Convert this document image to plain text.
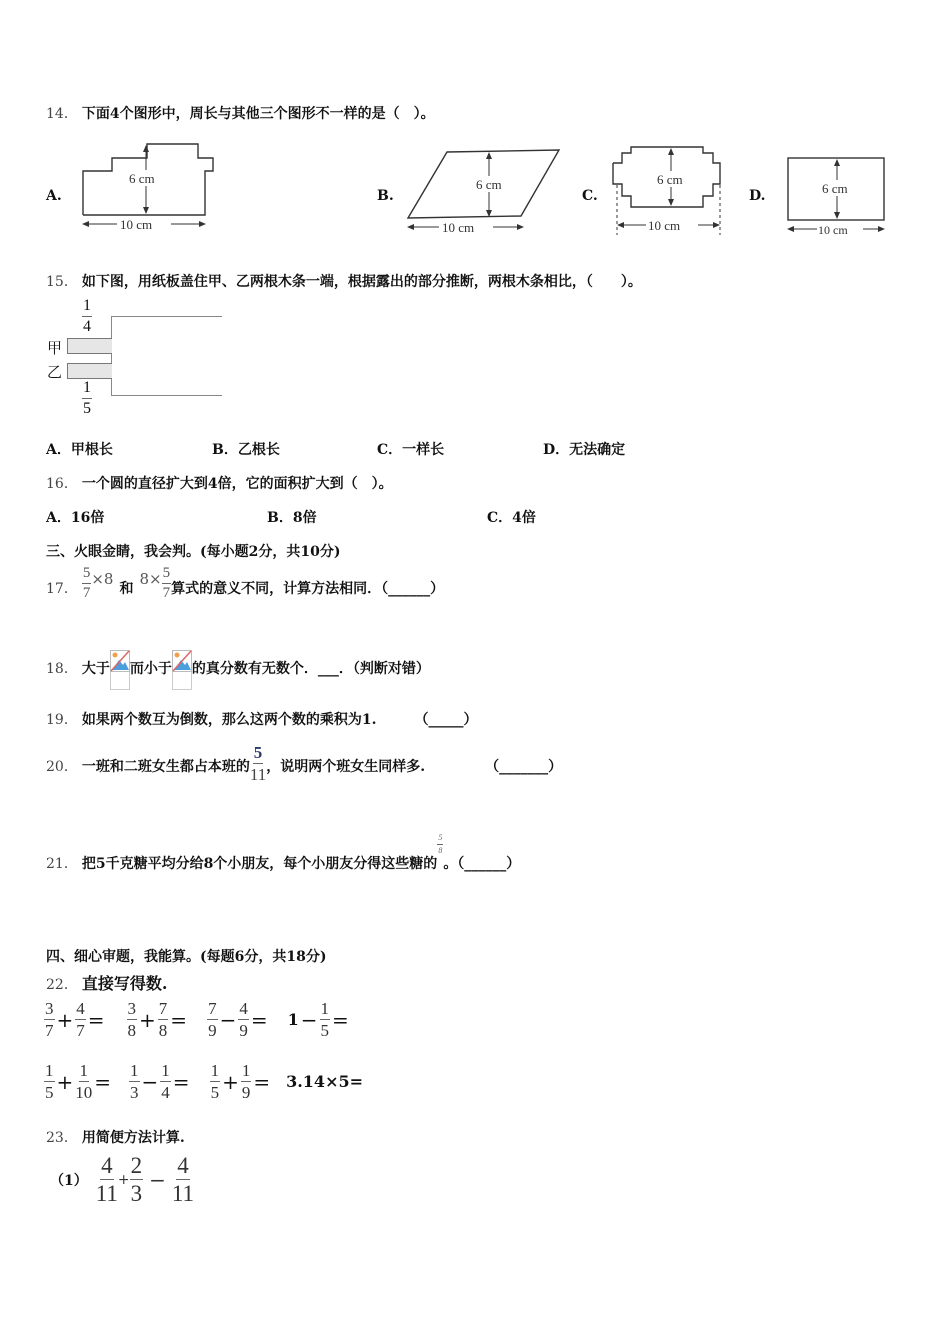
14． 下面4个图形中，周长与其他三个图形不一样的是（　）。
A.
6 cm
10 cm
B.
6 cm
10 cm
C.
6 cm
10 cm
D.	6 cm
10 cm
15． 如下图，用纸板盖住甲、乙两根木条一端，根据露出的部分推断，两根木条相比，（　　）。
$\frac{1}{4}$
甲
乙
$\frac{1}{5}$
A．甲根长	B．乙根长	C．一样长	D．无法确定
16． 一个圆的直径扩大到4倍，它的面积扩大到（　）。
A．16倍	B．8倍	C．4倍
三、火眼金睛，我会判。(每小题2分，共10分)
17． $\frac{5}{7} \times 8$
和
$8\times \frac{5}{7}$ 算式的意义不同，计算方法相同．（______）
18． 大于 而小于 的真分数有无数个．___．（判断对错）
19． 如果两个数互为倒数，那么这两个数的乘积为1.	（_____）
20． 一班和二班女生都占本班的 $\frac{5}{11}$ ，说明两个班女生同样多.	（_______）
21． 把5千克糖平均分给8个小朋友，每个小朋友分得这些糖的
$\frac{5}{8}$
。（______）
四、细心审题，我能算。(每题6分，共18分)
22． 直接写得数.
$\frac{3}{7} + \frac{4}{7} = \frac{3}{8} + \frac{7}{8} = \frac{7}{9} - \frac{4}{9} = 1 - \frac{1}{5}$ =
$\frac{1}{5} + \frac{1}{10} = \frac{1}{3} - \frac{1}{4} = \frac{1}{5} + \frac{1}{9} = 3.14\times 5=$
23． 用简便方法计算.
$(1) \frac{4}{11} + \frac{2}{3} - \frac{4}{11}$
